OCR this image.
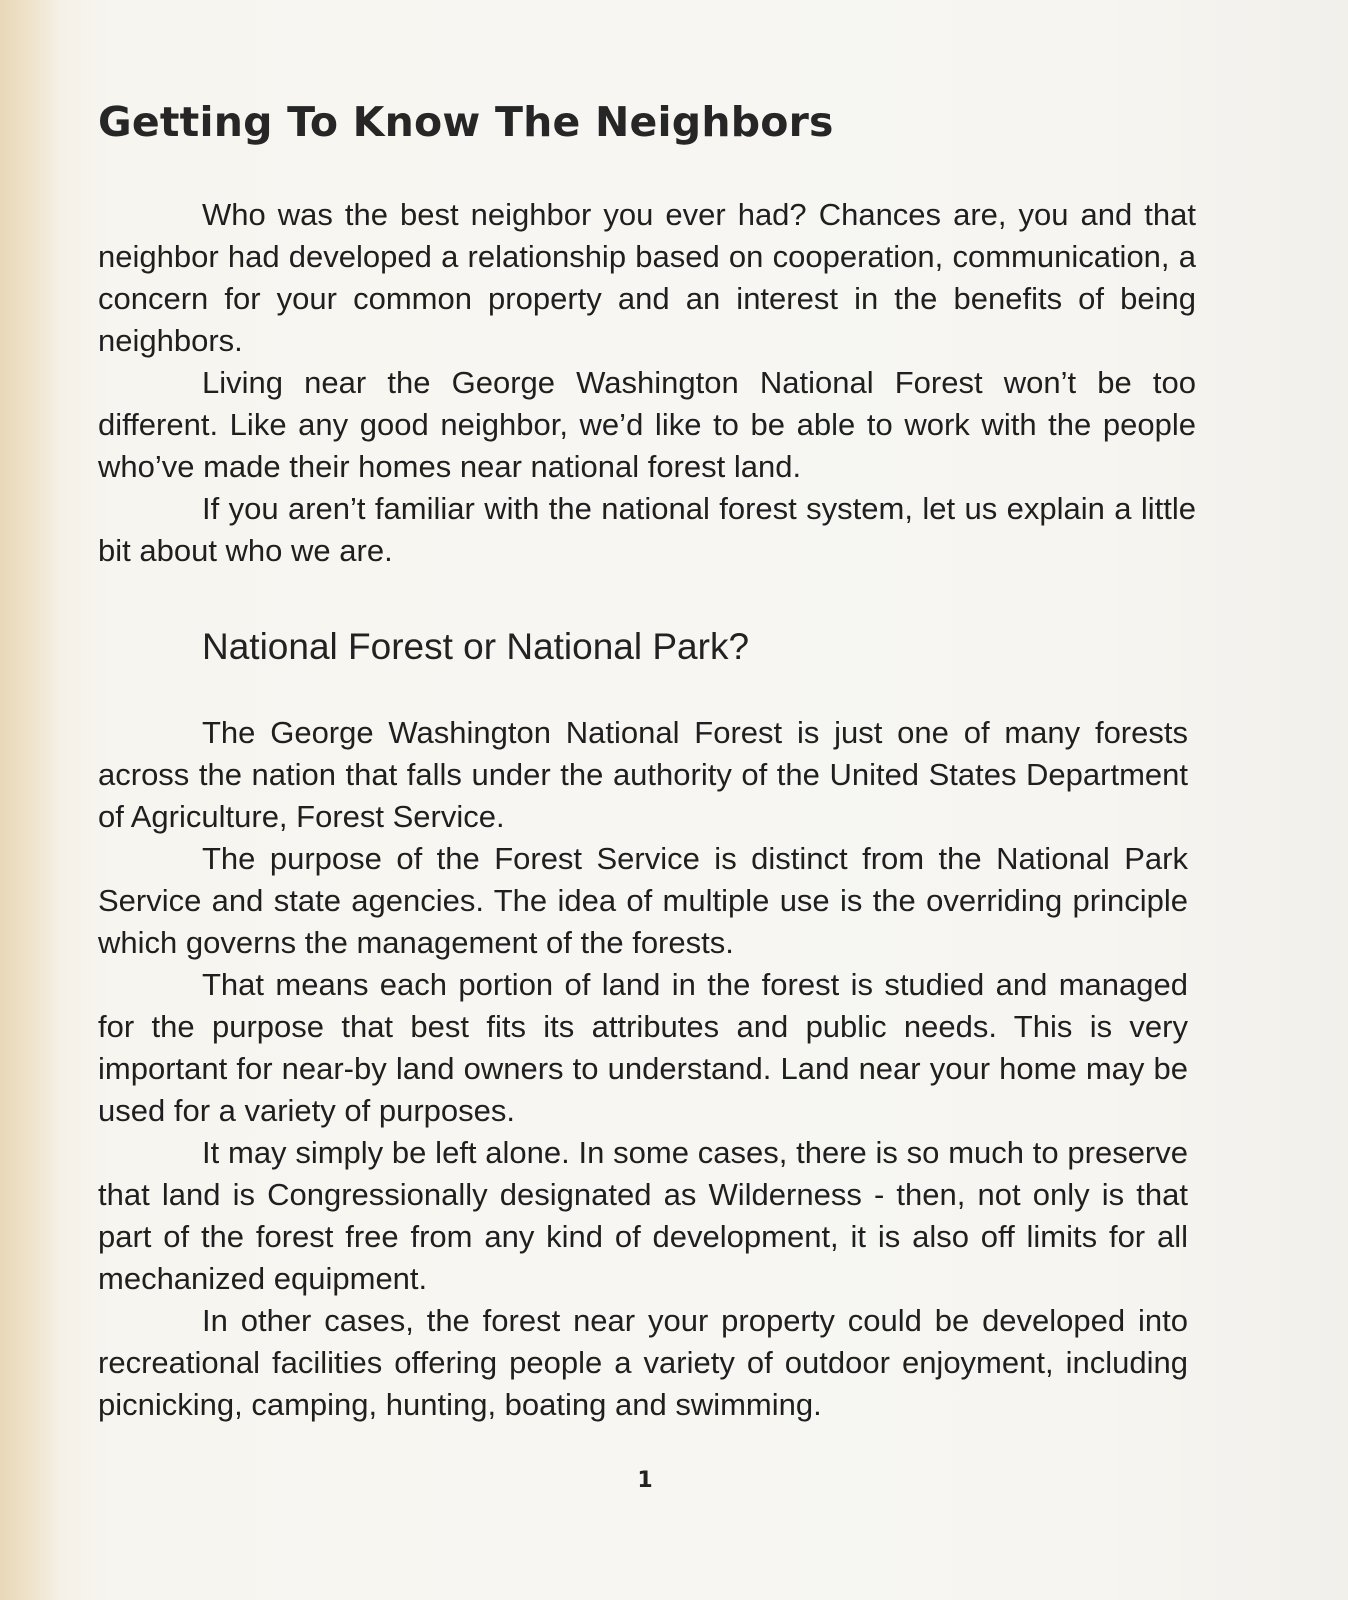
Getting To Know The Neighbors

Who was the best neighbor you ever had? Chances are, you and that neighbor had developed a relationship based on cooperation, communication, a concern for your common property and an interest in the benefits of being neighbors.

Living near the George Washington National Forest won’t be too different. Like any good neighbor, we’d like to be able to work with the people who’ve made their homes near national forest land.

If you aren’t familiar with the national forest system, let us explain a little bit about who we are.

National Forest or National Park?

The George Washington National Forest is just one of many forests across the nation that falls under the authority of the United States Department of Agriculture, Forest Service.

The purpose of the Forest Service is distinct from the National Park Service and state agencies. The idea of multiple use is the overriding principle which governs the management of the forests.

That means each portion of land in the forest is studied and managed for the purpose that best fits its attributes and public needs. This is very important for near-by land owners to understand. Land near your home may be used for a variety of purposes.

It may simply be left alone. In some cases, there is so much to preserve that land is Congressionally designated as Wilderness - then, not only is that part of the forest free from any kind of development, it is also off limits for all mechanized equipment.

In other cases, the forest near your property could be developed into recreational facilities offering people a variety of outdoor enjoyment, including picnicking, camping, hunting, boating and swimming.

1
